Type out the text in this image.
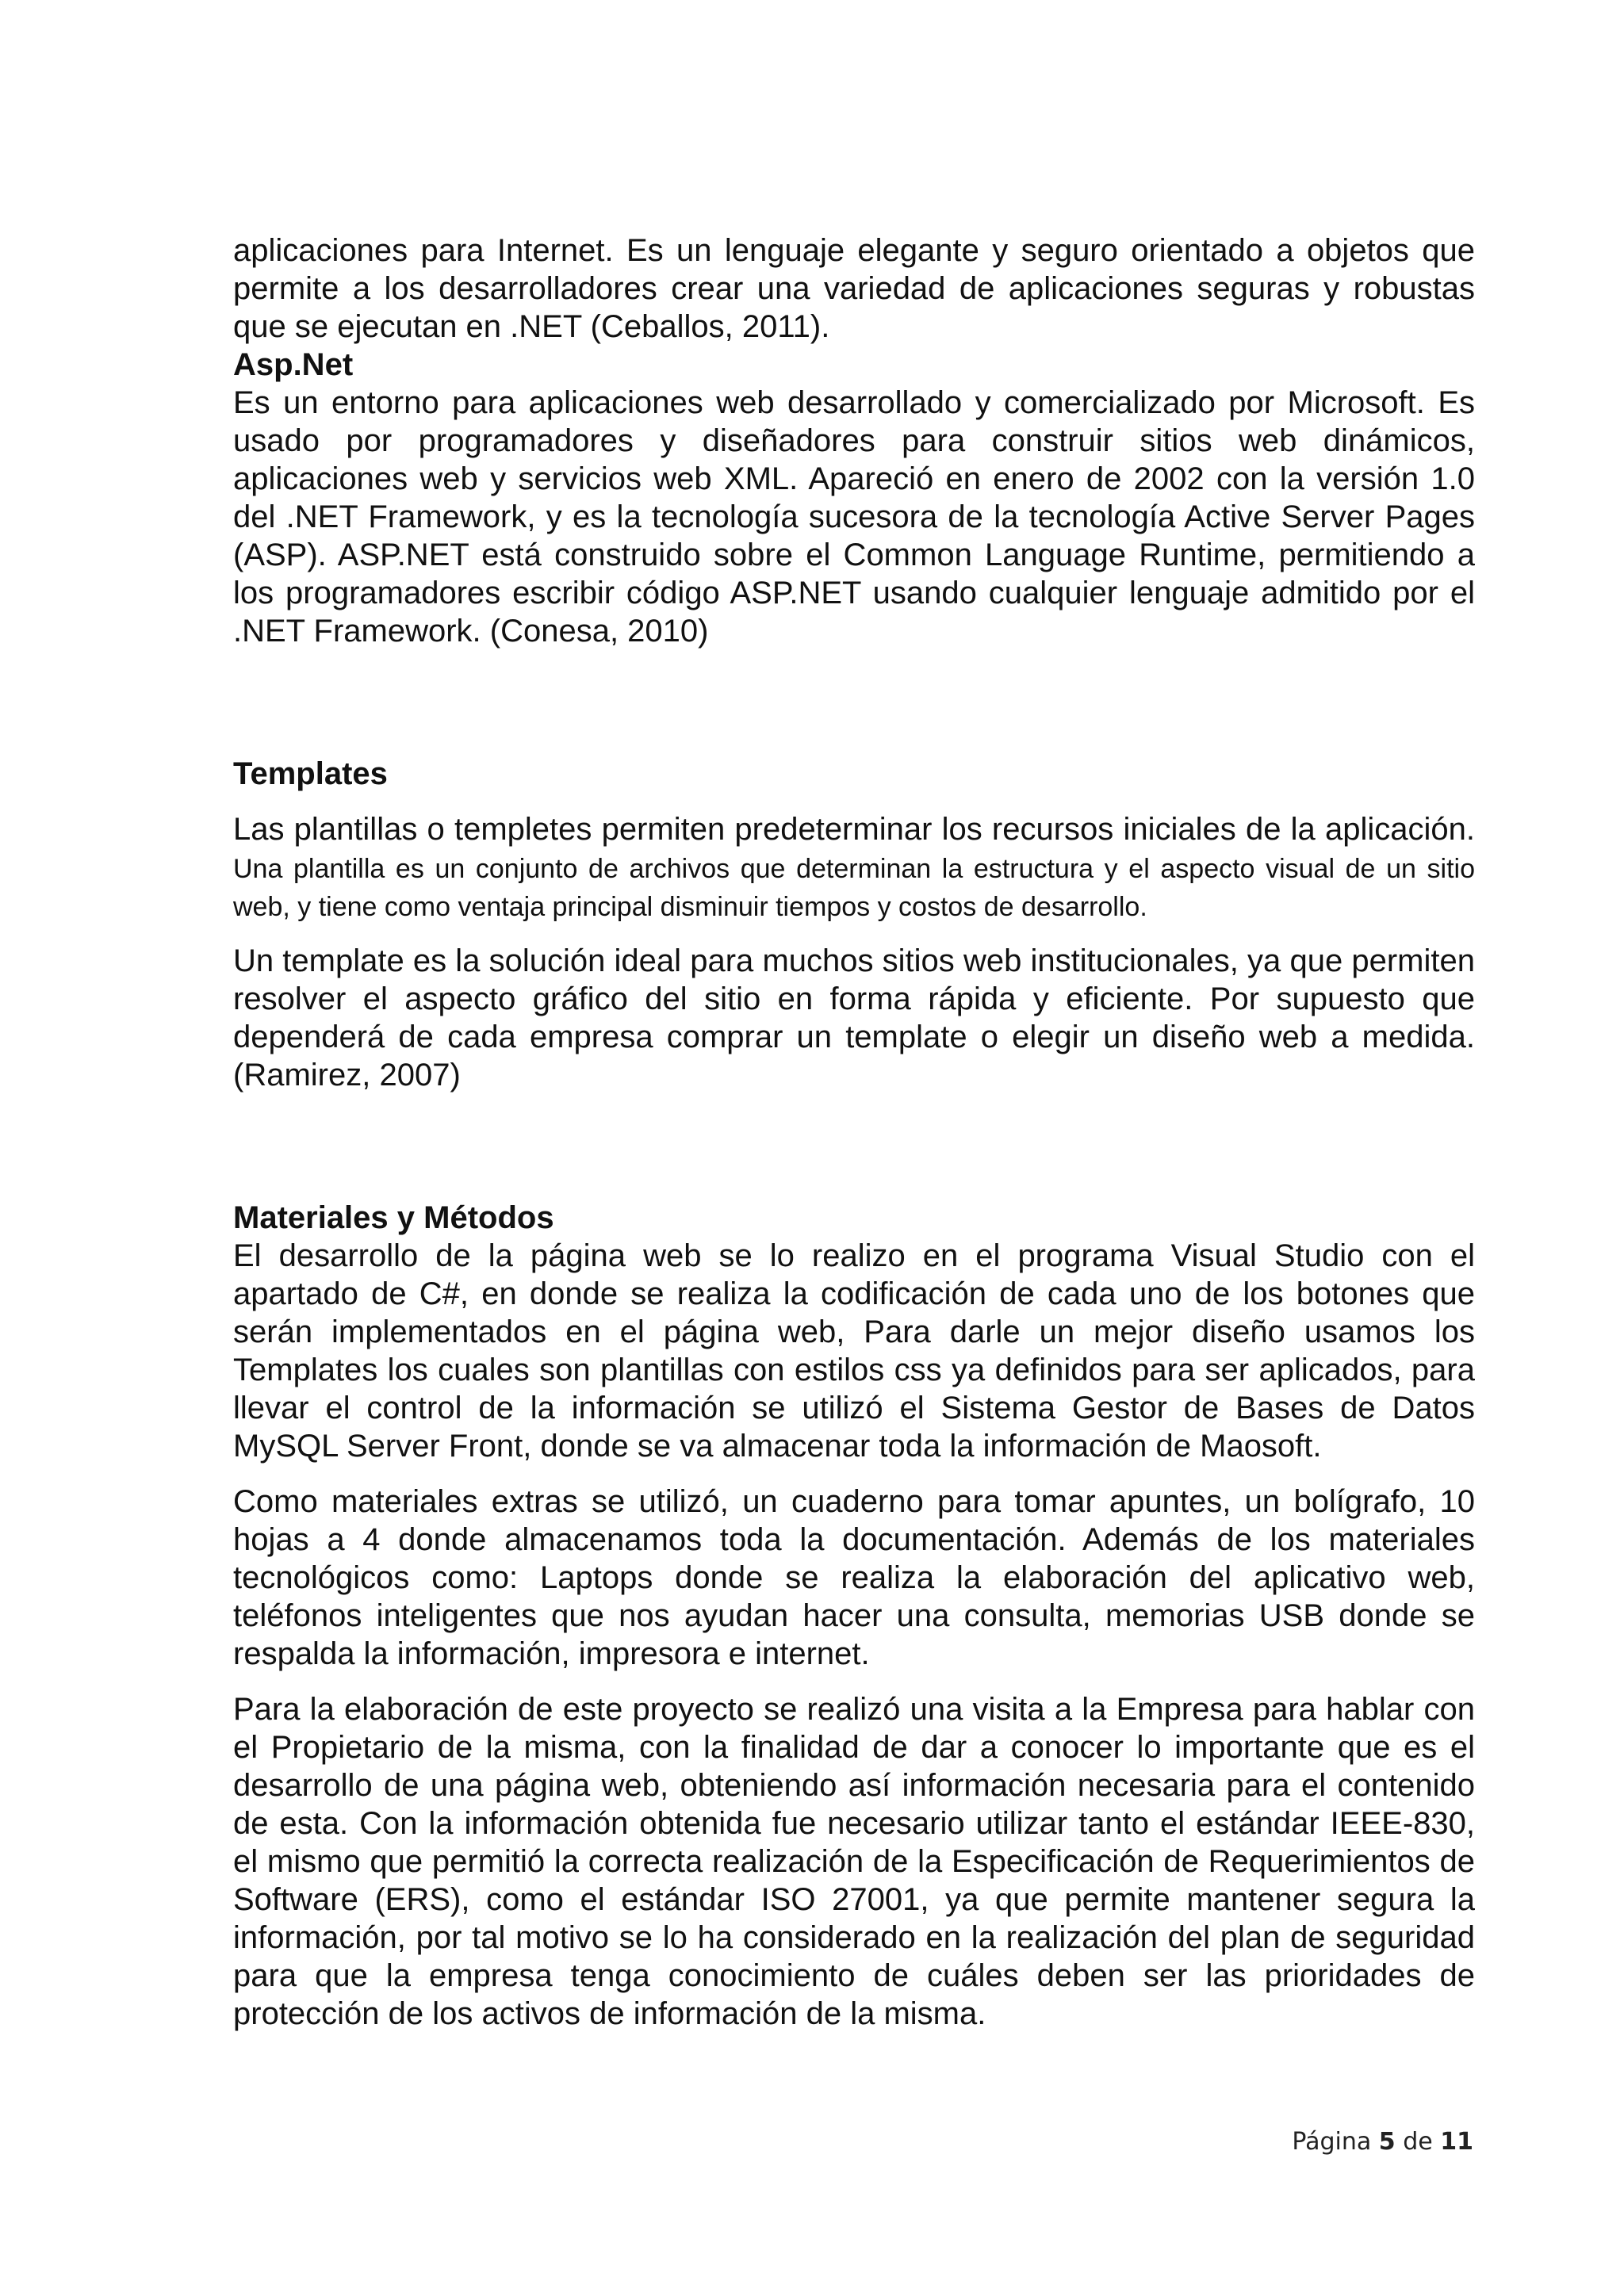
aplicaciones para Internet. Es un lenguaje elegante y seguro orientado a objetos que permite a los desarrolladores crear una variedad de aplicaciones seguras y robustas que se ejecutan en .NET (Ceballos, 2011).

Asp.Net

Es un entorno para aplicaciones web desarrollado y comercializado por Microsoft. Es usado por programadores y diseñadores para construir sitios web dinámicos, aplicaciones web y servicios web XML. Apareció en enero de 2002 con la versión 1.0 del .NET Framework, y es la tecnología sucesora de la tecnología Active Server Pages (ASP). ASP.NET está construido sobre el Common Language Runtime, permitiendo a los programadores escribir código ASP.NET usando cualquier lenguaje admitido por el .NET Framework. (Conesa, 2010)

Templates

Las plantillas o templetes permiten predeterminar los recursos iniciales de la aplicación. Una plantilla es un conjunto de archivos que determinan la estructura y el aspecto visual de un sitio web, y tiene como ventaja principal disminuir tiempos y costos de desarrollo.

Un template es la solución ideal para muchos sitios web institucionales, ya que permiten resolver el aspecto gráfico del sitio en forma rápida y eficiente. Por supuesto que dependerá de cada empresa comprar un template o elegir un diseño web a medida. (Ramirez, 2007)

Materiales y Métodos

El desarrollo de la página web se lo realizo en el programa Visual Studio con el apartado de C#, en donde se realiza la codificación de cada uno de los botones que serán implementados en el página web, Para darle un mejor diseño usamos los Templates los cuales son plantillas con estilos css ya definidos para ser aplicados, para llevar el control de la información se utilizó el Sistema Gestor de Bases de Datos MySQL Server Front, donde se va almacenar toda la información de Maosoft.

Como materiales extras se utilizó, un cuaderno para tomar apuntes, un bolígrafo, 10 hojas a 4 donde almacenamos toda la documentación. Además de los materiales tecnológicos como: Laptops donde se realiza la elaboración del aplicativo web, teléfonos inteligentes que nos ayudan hacer una consulta, memorias USB donde se respalda la información, impresora e internet.

Para la elaboración de este proyecto se realizó una visita a la Empresa para hablar con el Propietario de la misma, con la finalidad de dar a conocer lo importante que es el desarrollo de una página web, obteniendo así información necesaria para el contenido de esta. Con la información obtenida fue necesario utilizar tanto el estándar IEEE-830, el mismo que permitió la correcta realización de la Especificación de Requerimientos de Software (ERS), como el estándar ISO 27001, ya que permite mantener segura la información, por tal motivo se lo ha considerado en la realización del plan de seguridad para que la empresa tenga conocimiento de cuáles deben ser las prioridades de protección de los activos de información de la misma.

Página 5 de 11
